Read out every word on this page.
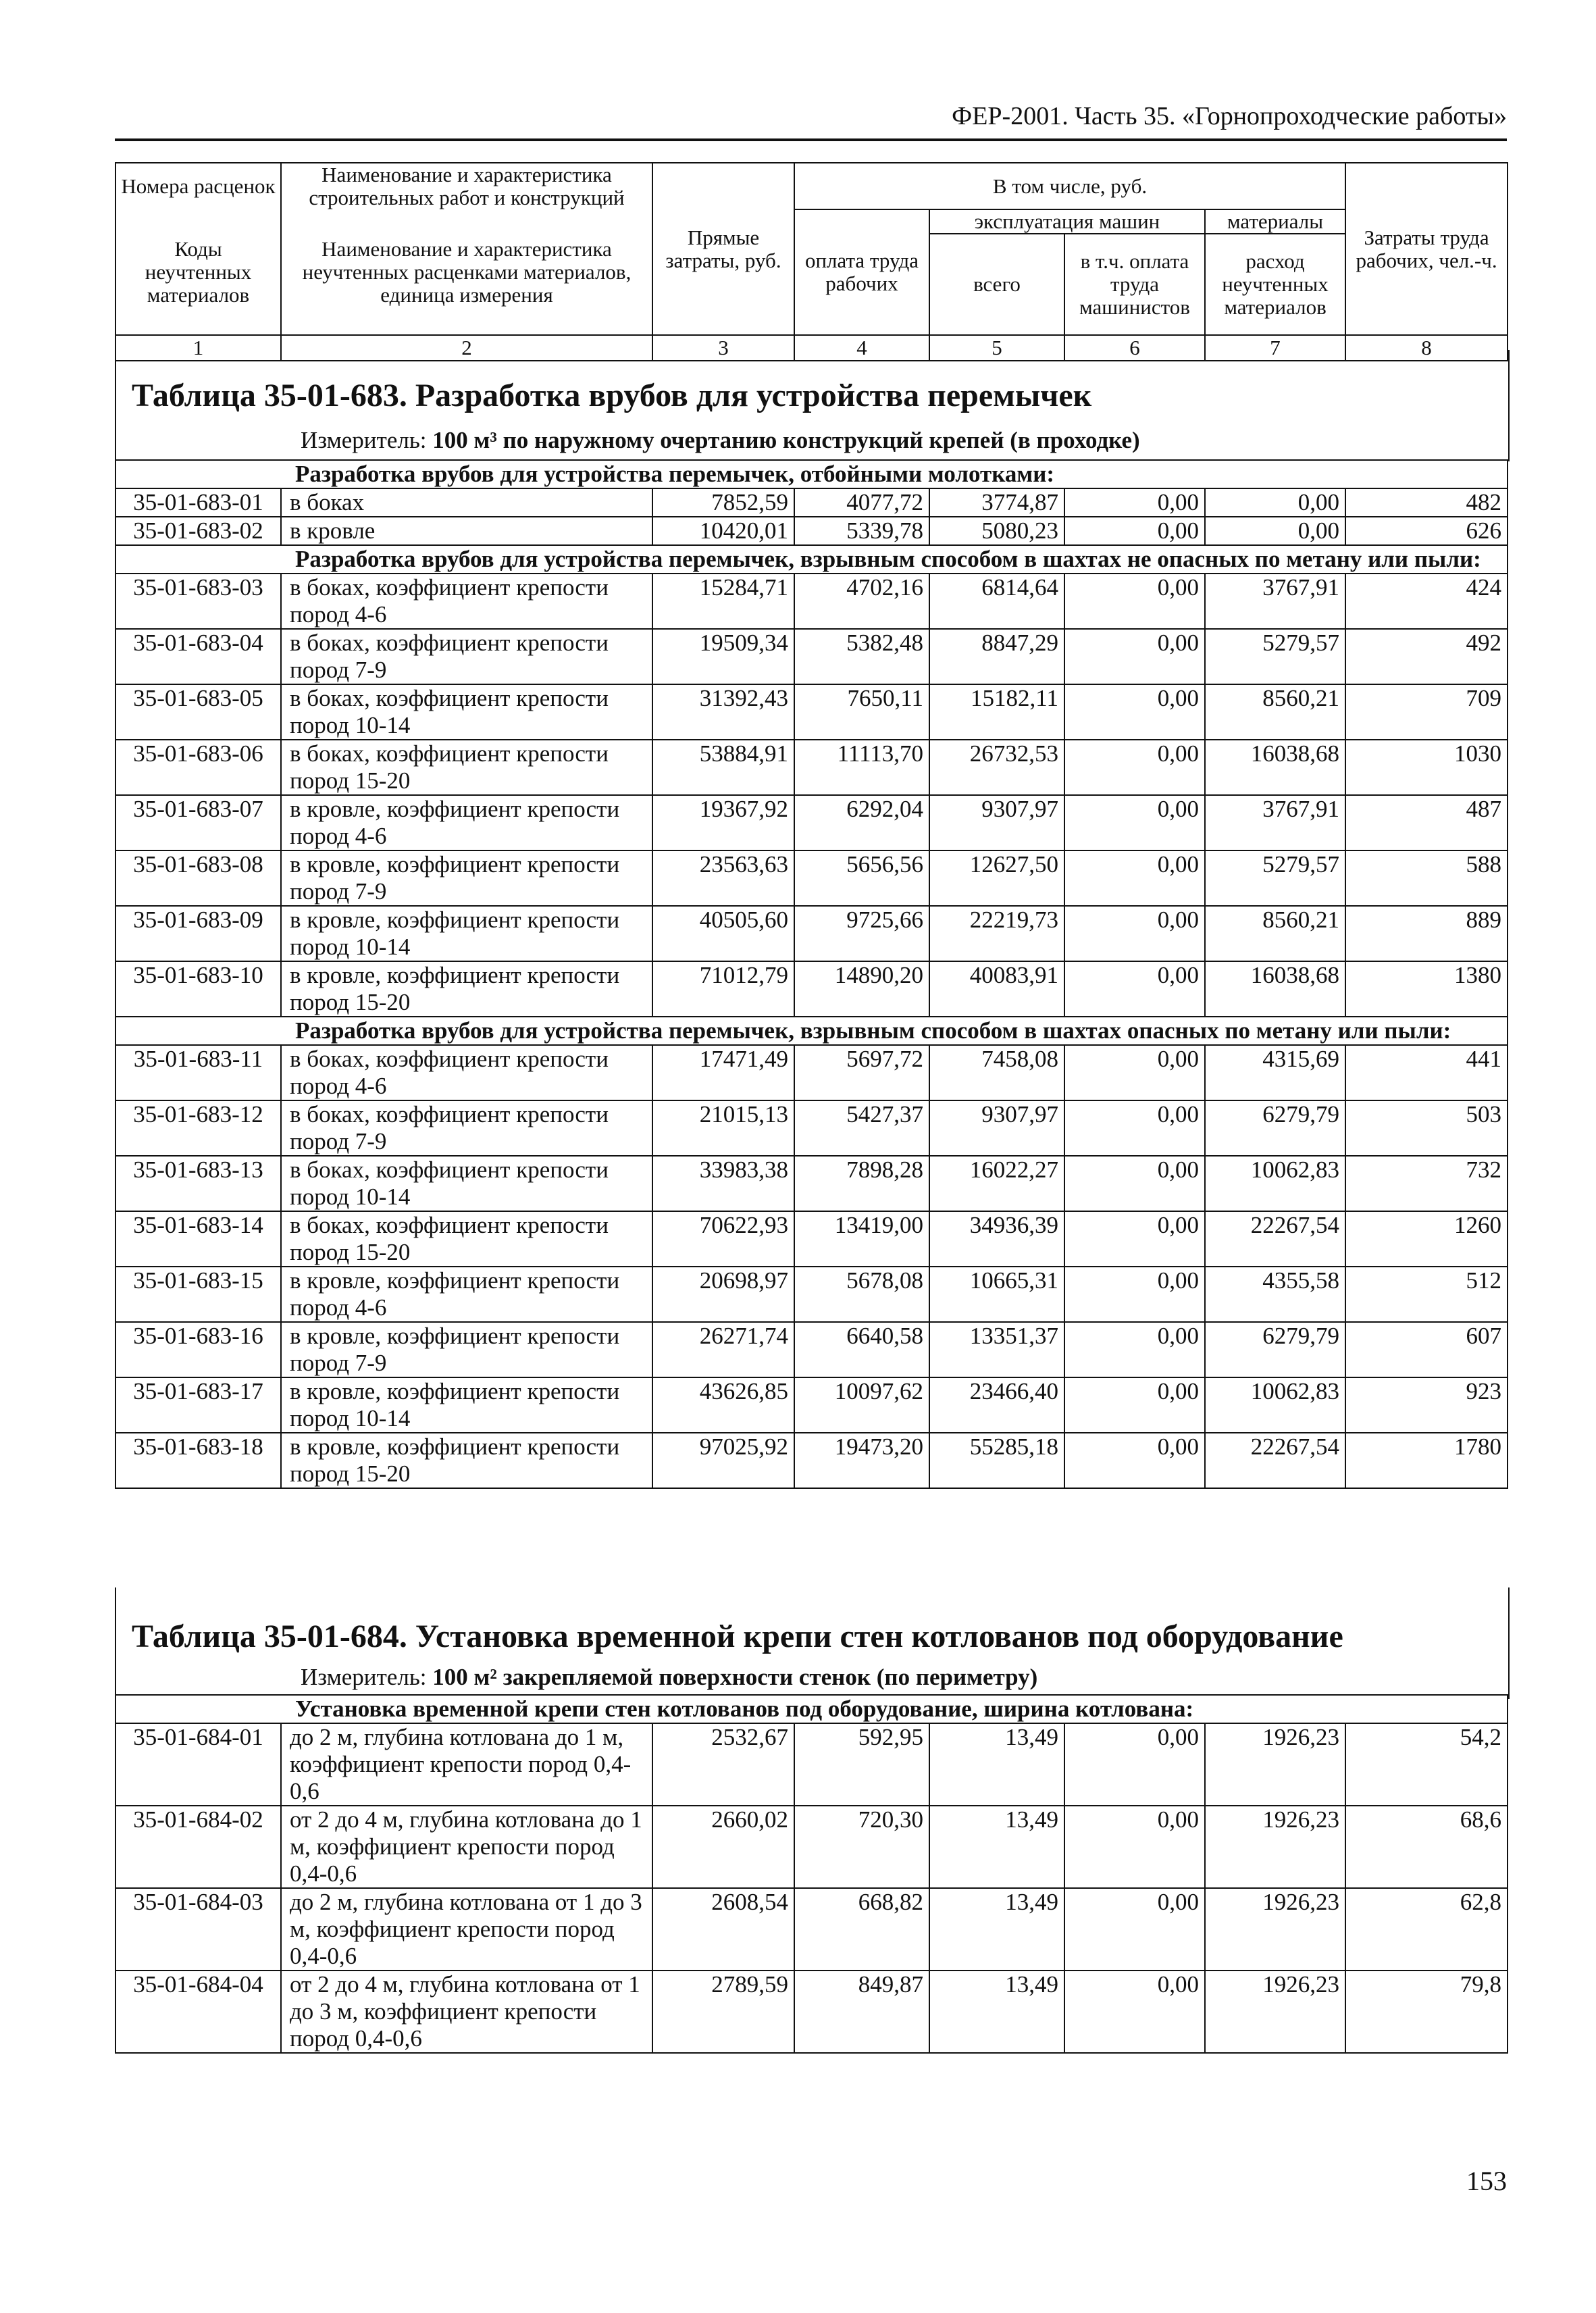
ФЕР-2001. Часть 35. «Горнопроходческие работы»
Номера расценок	Наименование и характеристика строительных работ и конструкций	Прямые затраты, руб.	В том числе, руб.				Затраты труда рабочих, чел.-ч.
Коды неучтенных материалов	Наименование и характеристика неучтенных расценками материалов, единица измерения		оплата труда рабочих	эксплуатация машин		материалы	
				всего	в т.ч. оплата труда машинистов	расход неучтенных материалов	
1	2	3	4	5	6	7	8
Таблица 35-01-683. Разработка врубов для устройства перемычек
Измеритель: 100 м³ по наружному очертанию конструкций крепей (в проходке)
Разработка врубов для устройства перемычек, отбойными молотками:							
35-01-683-01	в боках	7852,59	4077,72	3774,87	0,00	0,00	482
35-01-683-02	в кровле	10420,01	5339,78	5080,23	0,00	0,00	626
Разработка врубов для устройства перемычек, взрывным способом в шахтах не опасных по метану или пыли:							
35-01-683-03	в боках, коэффициент крепости пород 4-6	15284,71	4702,16	6814,64	0,00	3767,91	424
35-01-683-04	в боках, коэффициент крепости пород 7-9	19509,34	5382,48	8847,29	0,00	5279,57	492
35-01-683-05	в боках, коэффициент крепости пород 10-14	31392,43	7650,11	15182,11	0,00	8560,21	709
35-01-683-06	в боках, коэффициент крепости пород 15-20	53884,91	11113,70	26732,53	0,00	16038,68	1030
35-01-683-07	в кровле, коэффициент крепости пород 4-6	19367,92	6292,04	9307,97	0,00	3767,91	487
35-01-683-08	в кровле, коэффициент крепости пород 7-9	23563,63	5656,56	12627,50	0,00	5279,57	588
35-01-683-09	в кровле, коэффициент крепости пород 10-14	40505,60	9725,66	22219,73	0,00	8560,21	889
35-01-683-10	в кровле, коэффициент крепости пород 15-20	71012,79	14890,20	40083,91	0,00	16038,68	1380
Разработка врубов для устройства перемычек, взрывным способом в шахтах опасных по метану или пыли:							
35-01-683-11	в боках, коэффициент крепости пород 4-6	17471,49	5697,72	7458,08	0,00	4315,69	441
35-01-683-12	в боках, коэффициент крепости пород 7-9	21015,13	5427,37	9307,97	0,00	6279,79	503
35-01-683-13	в боках, коэффициент крепости пород 10-14	33983,38	7898,28	16022,27	0,00	10062,83	732
35-01-683-14	в боках, коэффициент крепости пород 15-20	70622,93	13419,00	34936,39	0,00	22267,54	1260
35-01-683-15	в кровле, коэффициент крепости пород 4-6	20698,97	5678,08	10665,31	0,00	4355,58	512
35-01-683-16	в кровле, коэффициент крепости пород 7-9	26271,74	6640,58	13351,37	0,00	6279,79	607
35-01-683-17	в кровле, коэффициент крепости пород 10-14	43626,85	10097,62	23466,40	0,00	10062,83	923
35-01-683-18	в кровле, коэффициент крепости пород 15-20	97025,92	19473,20	55285,18	0,00	22267,54	1780
Таблица 35-01-684. Установка временной крепи стен котлованов под оборудование
Измеритель: 100 м² закрепляемой поверхности стенок (по периметру)
Установка временной крепи стен котлованов под оборудование, ширина котлована:							
35-01-684-01	до 2 м, глубина котлована до 1 м, коэффициент крепости пород 0,4-0,6	2532,67	592,95	13,49	0,00	1926,23	54,2
35-01-684-02	от 2 до 4 м, глубина котлована до 1 м, коэффициент крепости пород 0,4-0,6	2660,02	720,30	13,49	0,00	1926,23	68,6
35-01-684-03	до 2 м, глубина котлована от 1 до 3 м, коэффициент крепости пород 0,4-0,6	2608,54	668,82	13,49	0,00	1926,23	62,8
35-01-684-04	от 2 до 4 м, глубина котлована от 1 до 3 м, коэффициент крепости пород 0,4-0,6	2789,59	849,87	13,49	0,00	1926,23	79,8
153
